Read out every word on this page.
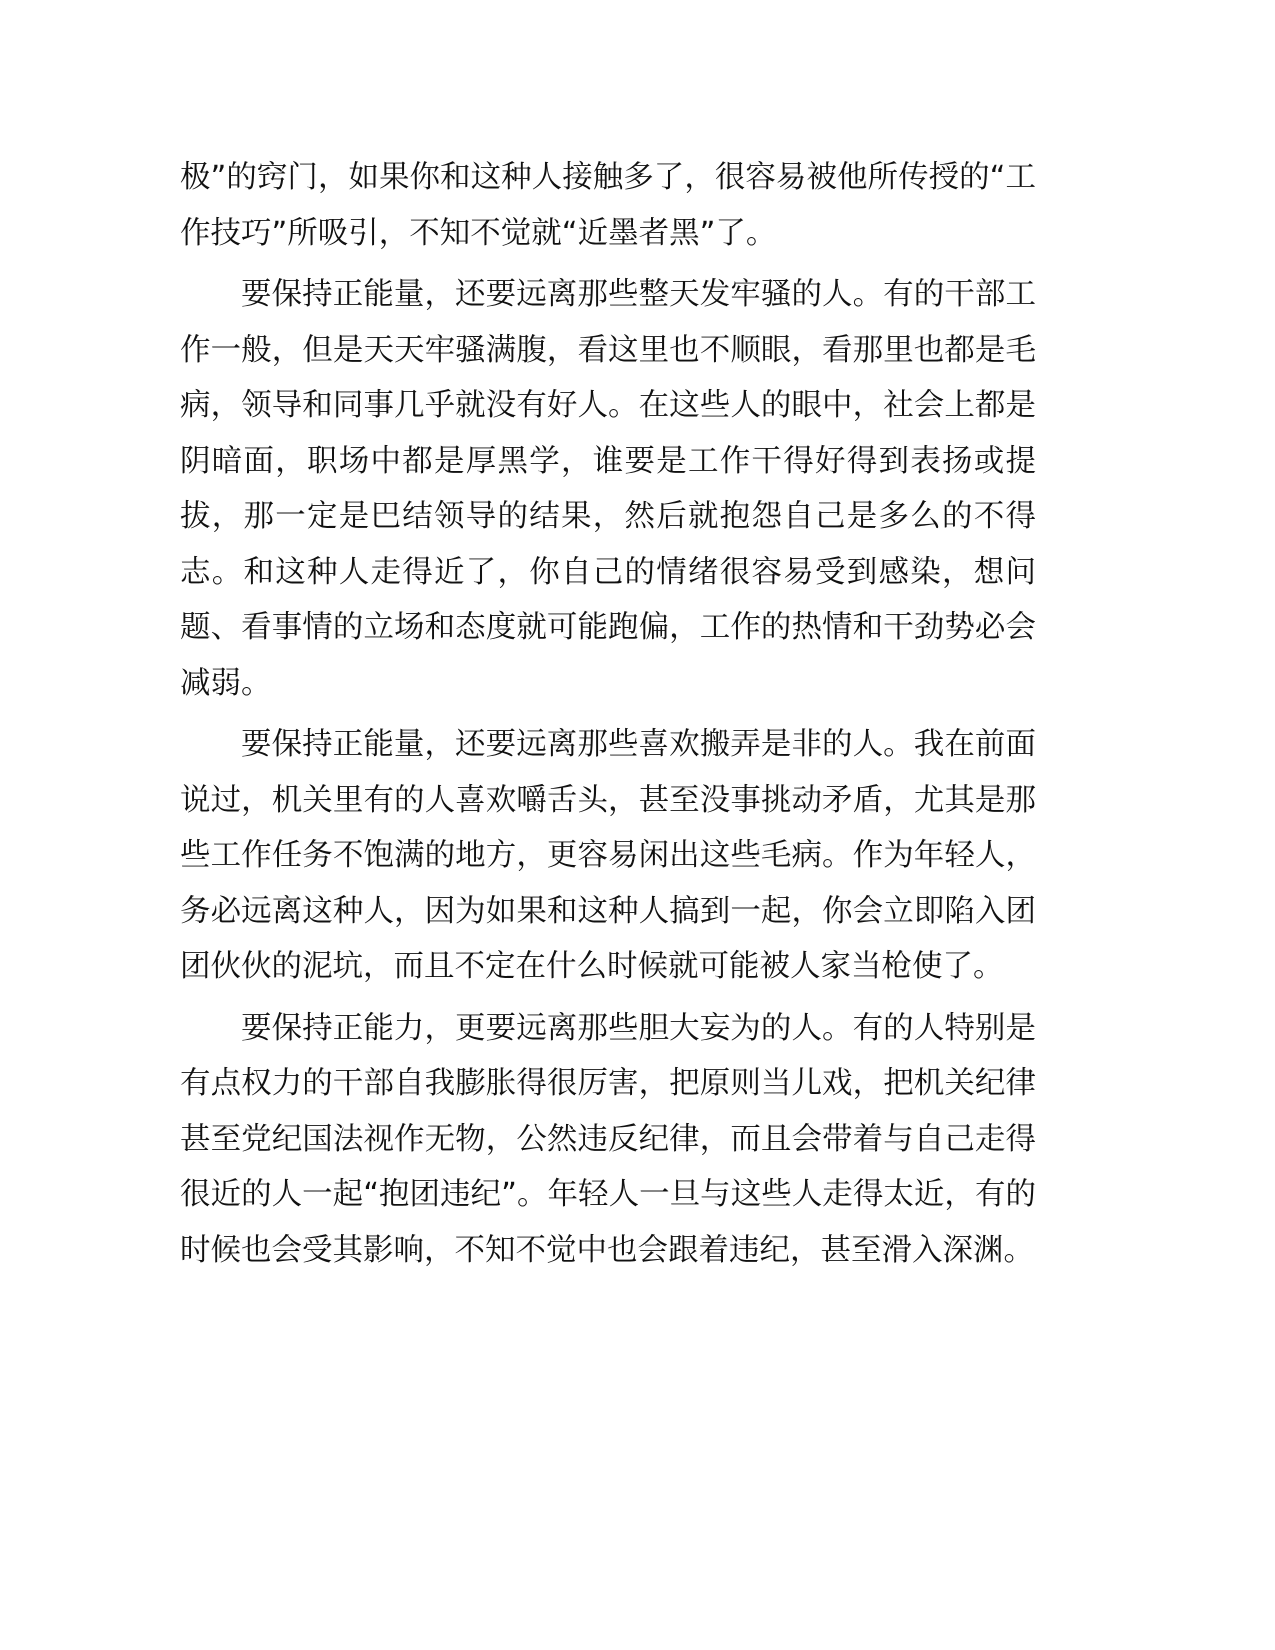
极”的窍门，如果你和这种人接触多了，很容易被他所传授的“工作技巧”所吸引，不知不觉就“近墨者黑”了。

要保持正能量，还要远离那些整天发牢骚的人。有的干部工作一般，但是天天牢骚满腹，看这里也不顺眼，看那里也都是毛病，领导和同事几乎就没有好人。在这些人的眼中，社会上都是阴暗面，职场中都是厚黑学，谁要是工作干得好得到表扬或提拔，那一定是巴结领导的结果，然后就抱怨自己是多么的不得志。和这种人走得近了，你自己的情绪很容易受到感染，想问题、看事情的立场和态度就可能跑偏，工作的热情和干劲势必会减弱。

要保持正能量，还要远离那些喜欢搬弄是非的人。我在前面说过，机关里有的人喜欢嚼舌头，甚至没事挑动矛盾，尤其是那些工作任务不饱满的地方，更容易闲出这些毛病。作为年轻人，务必远离这种人，因为如果和这种人搞到一起，你会立即陷入团团伙伙的泥坑，而且不定在什么时候就可能被人家当枪使了。

要保持正能力，更要远离那些胆大妄为的人。有的人特别是有点权力的干部自我膨胀得很厉害，把原则当儿戏，把机关纪律甚至党纪国法视作无物，公然违反纪律，而且会带着与自己走得很近的人一起“抱团违纪”。年轻人一旦与这些人走得太近，有的时候也会受其影响，不知不觉中也会跟着违纪，甚至滑入深渊。
